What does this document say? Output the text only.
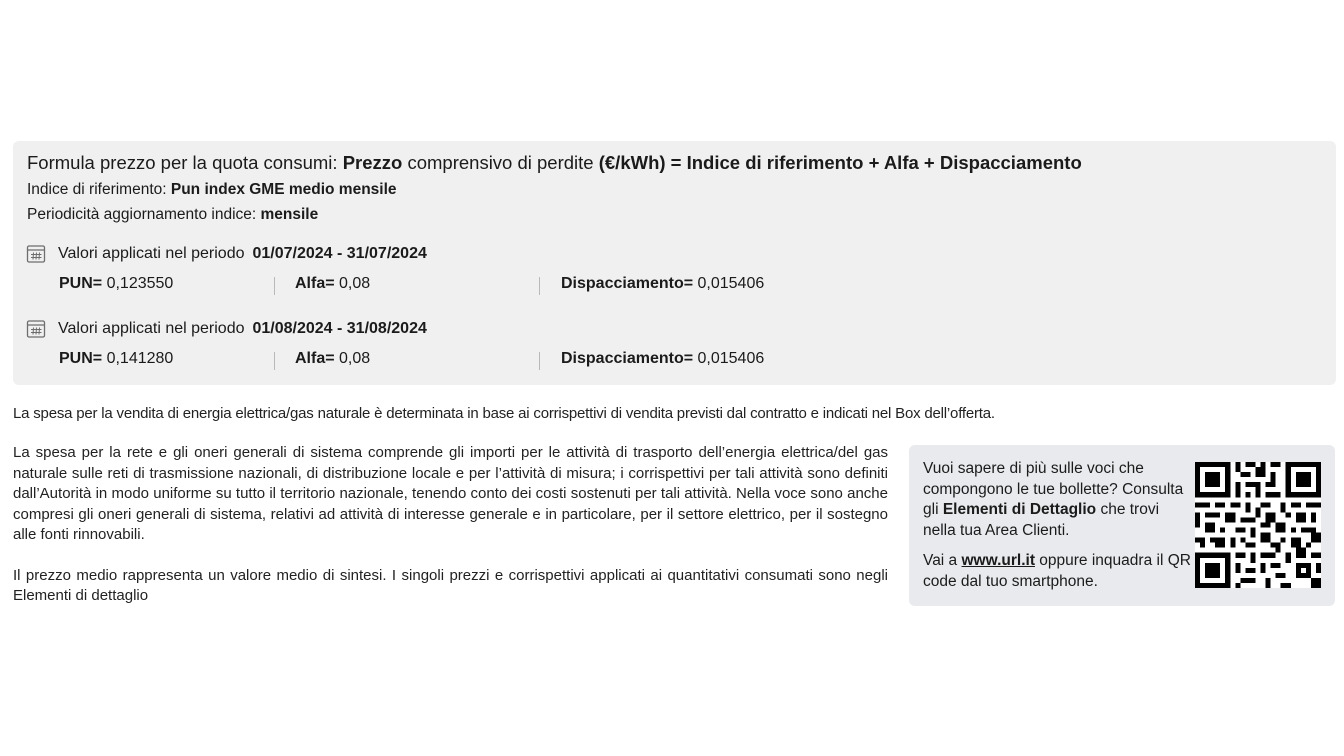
Formula prezzo per la quota consumi: Prezzo comprensivo di perdite (€/kWh) = Indice di riferimento + Alfa + Dispacciamento
Indice di riferimento: Pun index GME medio mensile
Periodicità aggiornamento indice: mensile
Valori applicati nel periodo 01/07/2024 - 31/07/2024
PUN= 0,123550	Alfa= 0,08	Dispacciamento= 0,015406
Valori applicati nel periodo 01/08/2024 - 31/08/2024
PUN= 0,141280	Alfa= 0,08	Dispacciamento= 0,015406
La spesa per la vendita di energia elettrica/gas naturale è determinata in base ai corrispettivi di vendita previsti dal contratto e indicati nel Box dell’offerta.

La spesa per la rete e gli oneri generali di sistema comprende gli importi per le attività di trasporto dell’energia elettrica/del gas naturale sulle reti di trasmissione nazionali, di distribuzione locale e per l’attività di misura; i corrispettivi per tali attività sono definiti dall’Autorità in modo uniforme su tutto il territorio nazionale, tenendo conto dei costi sostenuti per tali attività. Nella voce sono anche compresi gli oneri generali di sistema, relativi ad attività di interesse generale e in particolare, per il settore elettrico, per il sostegno alle fonti rinnovabili.

Il prezzo medio rappresenta un valore medio di sintesi. I singoli prezzi e corrispettivi applicati ai quantitativi consumati sono negli Elementi di dettaglio

Vuoi sapere di più sulle voci che compongono le tue bollette? Consulta gli Elementi di Dettaglio che trovi nella tua Area Clienti.

Vai a www.url.it oppure inquadra il QR code dal tuo smartphone.
